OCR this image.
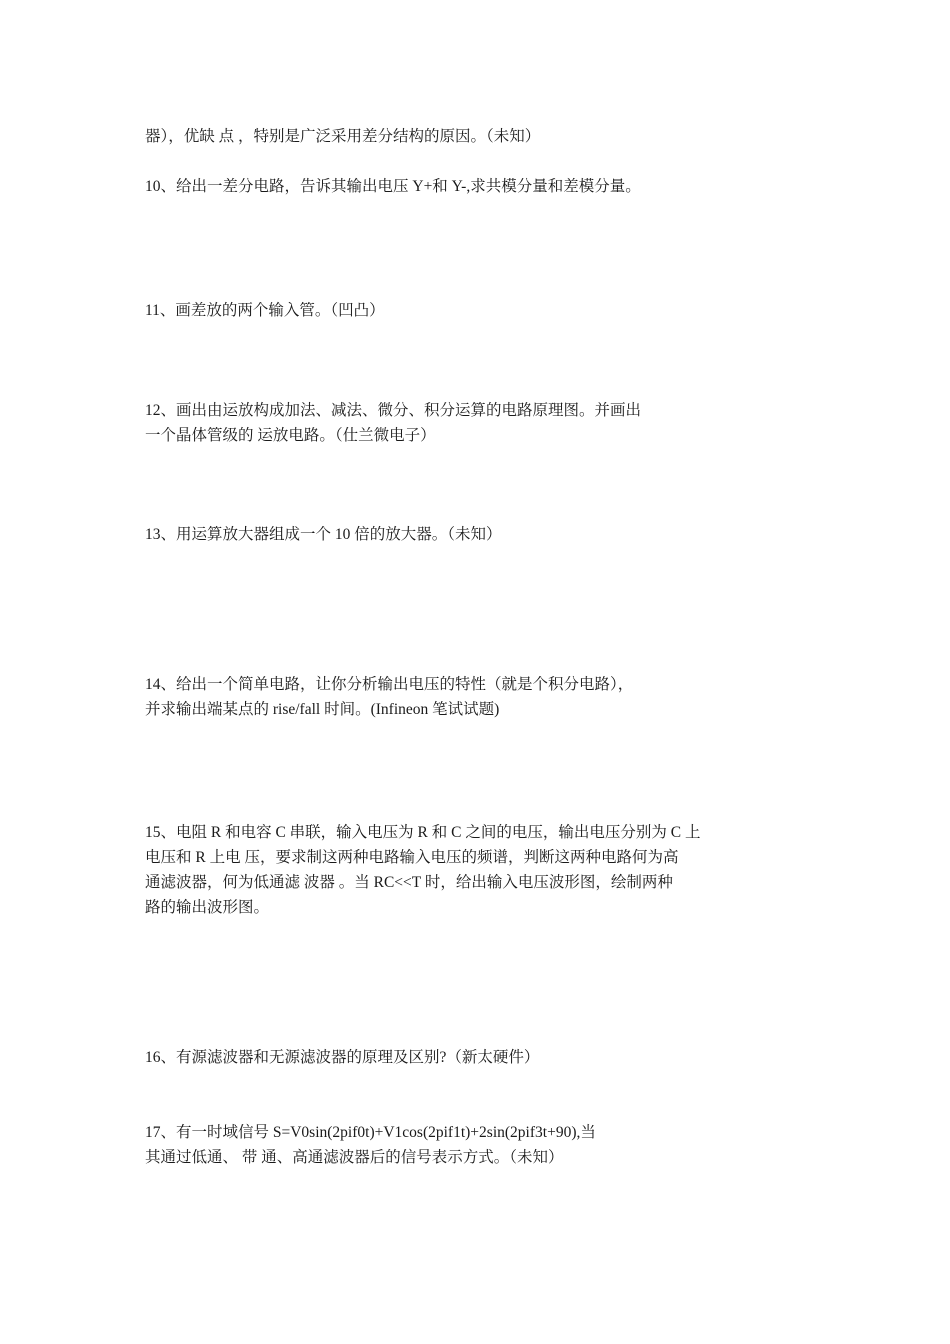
器），优缺 点 ，特别是广泛采用差分结构的原因。（未知）
10、给出一差分电路，告诉其输出电压 Y+和 Y-,求共模分量和差模分量。
11、画差放的两个输入管。（凹凸）
12、画出由运放构成加法、减法、微分、积分运算的电路原理图。并画出
一个晶体管级的 运放电路。（仕兰微电子）
13、用运算放大器组成一个 10 倍的放大器。（未知）
14、给出一个简单电路，让你分析输出电压的特性（就是个积分电路），
并求输出端某点的 rise/fall 时间。(Infineon 笔试试题)
15、电阻 R 和电容 C 串联，输入电压为 R 和 C 之间的电压，输出电压分别为 C 上
电压和 R 上电 压，要求制这两种电路输入电压的频谱，判断这两种电路何为高
通滤波器，何为低通滤 波器 。当 RC<<T 时，给出输入电压波形图，绘制两种
路的输出波形图。
16、有源滤波器和无源滤波器的原理及区别?（新太硬件）
17、有一时域信号 S=V0sin(2pif0t)+V1cos(2pif1t)+2sin(2pif3t+90),当
其通过低通、 带 通、高通滤波器后的信号表示方式。（未知）
